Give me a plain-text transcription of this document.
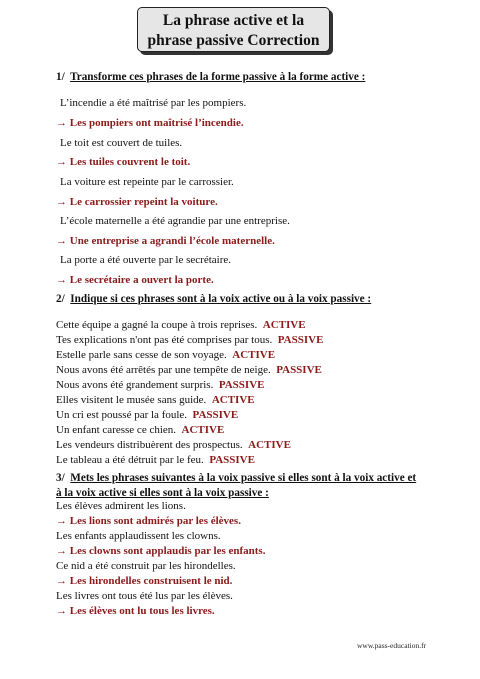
La phrase active et la
phrase passive Correction
1/ Transforme ces phrases de la forme passive à la forme active :
L’incendie a été maîtrisé par les pompiers.
→ Les pompiers ont maîtrisé l’incendie.
Le toit est couvert de tuiles.
→ Les tuiles couvrent le toit.
La voiture est repeinte par le carrossier.
→ Le carrossier repeint la voiture.
L’école maternelle a été agrandie par une entreprise.
→ Une entreprise a agrandi l’école maternelle.
La porte a été ouverte par le secrétaire.
→ Le secrétaire a ouvert la porte.
2/ Indique si ces phrases sont à la voix active ou à la voix passive :
Cette équipe a gagné la coupe à trois reprises. ACTIVE
Tes explications n'ont pas été comprises par tous. PASSIVE
Estelle parle sans cesse de son voyage. ACTIVE
Nous avons été arrêtés par une tempête de neige. PASSIVE
Nous avons été grandement surpris. PASSIVE
Elles visitent le musée sans guide. ACTIVE
Un cri est poussé par la foule. PASSIVE
Un enfant caresse ce chien. ACTIVE
Les vendeurs distribuèrent des prospectus. ACTIVE
Le tableau a été détruit par le feu. PASSIVE
3/ Mets les phrases suivantes à la voix passive si elles sont à la voix active et
à la voix active si elles sont à la voix passive :
Les élèves admirent les lions.
→ Les lions sont admirés par les élèves.
Les enfants applaudissent les clowns.
→ Les clowns sont applaudis par les enfants.
Ce nid a été construit par les hirondelles.
→ Les hirondelles construisent le nid.
Les livres ont tous été lus par les élèves.
→ Les élèves ont lu tous les livres.
www.pass-education.fr
